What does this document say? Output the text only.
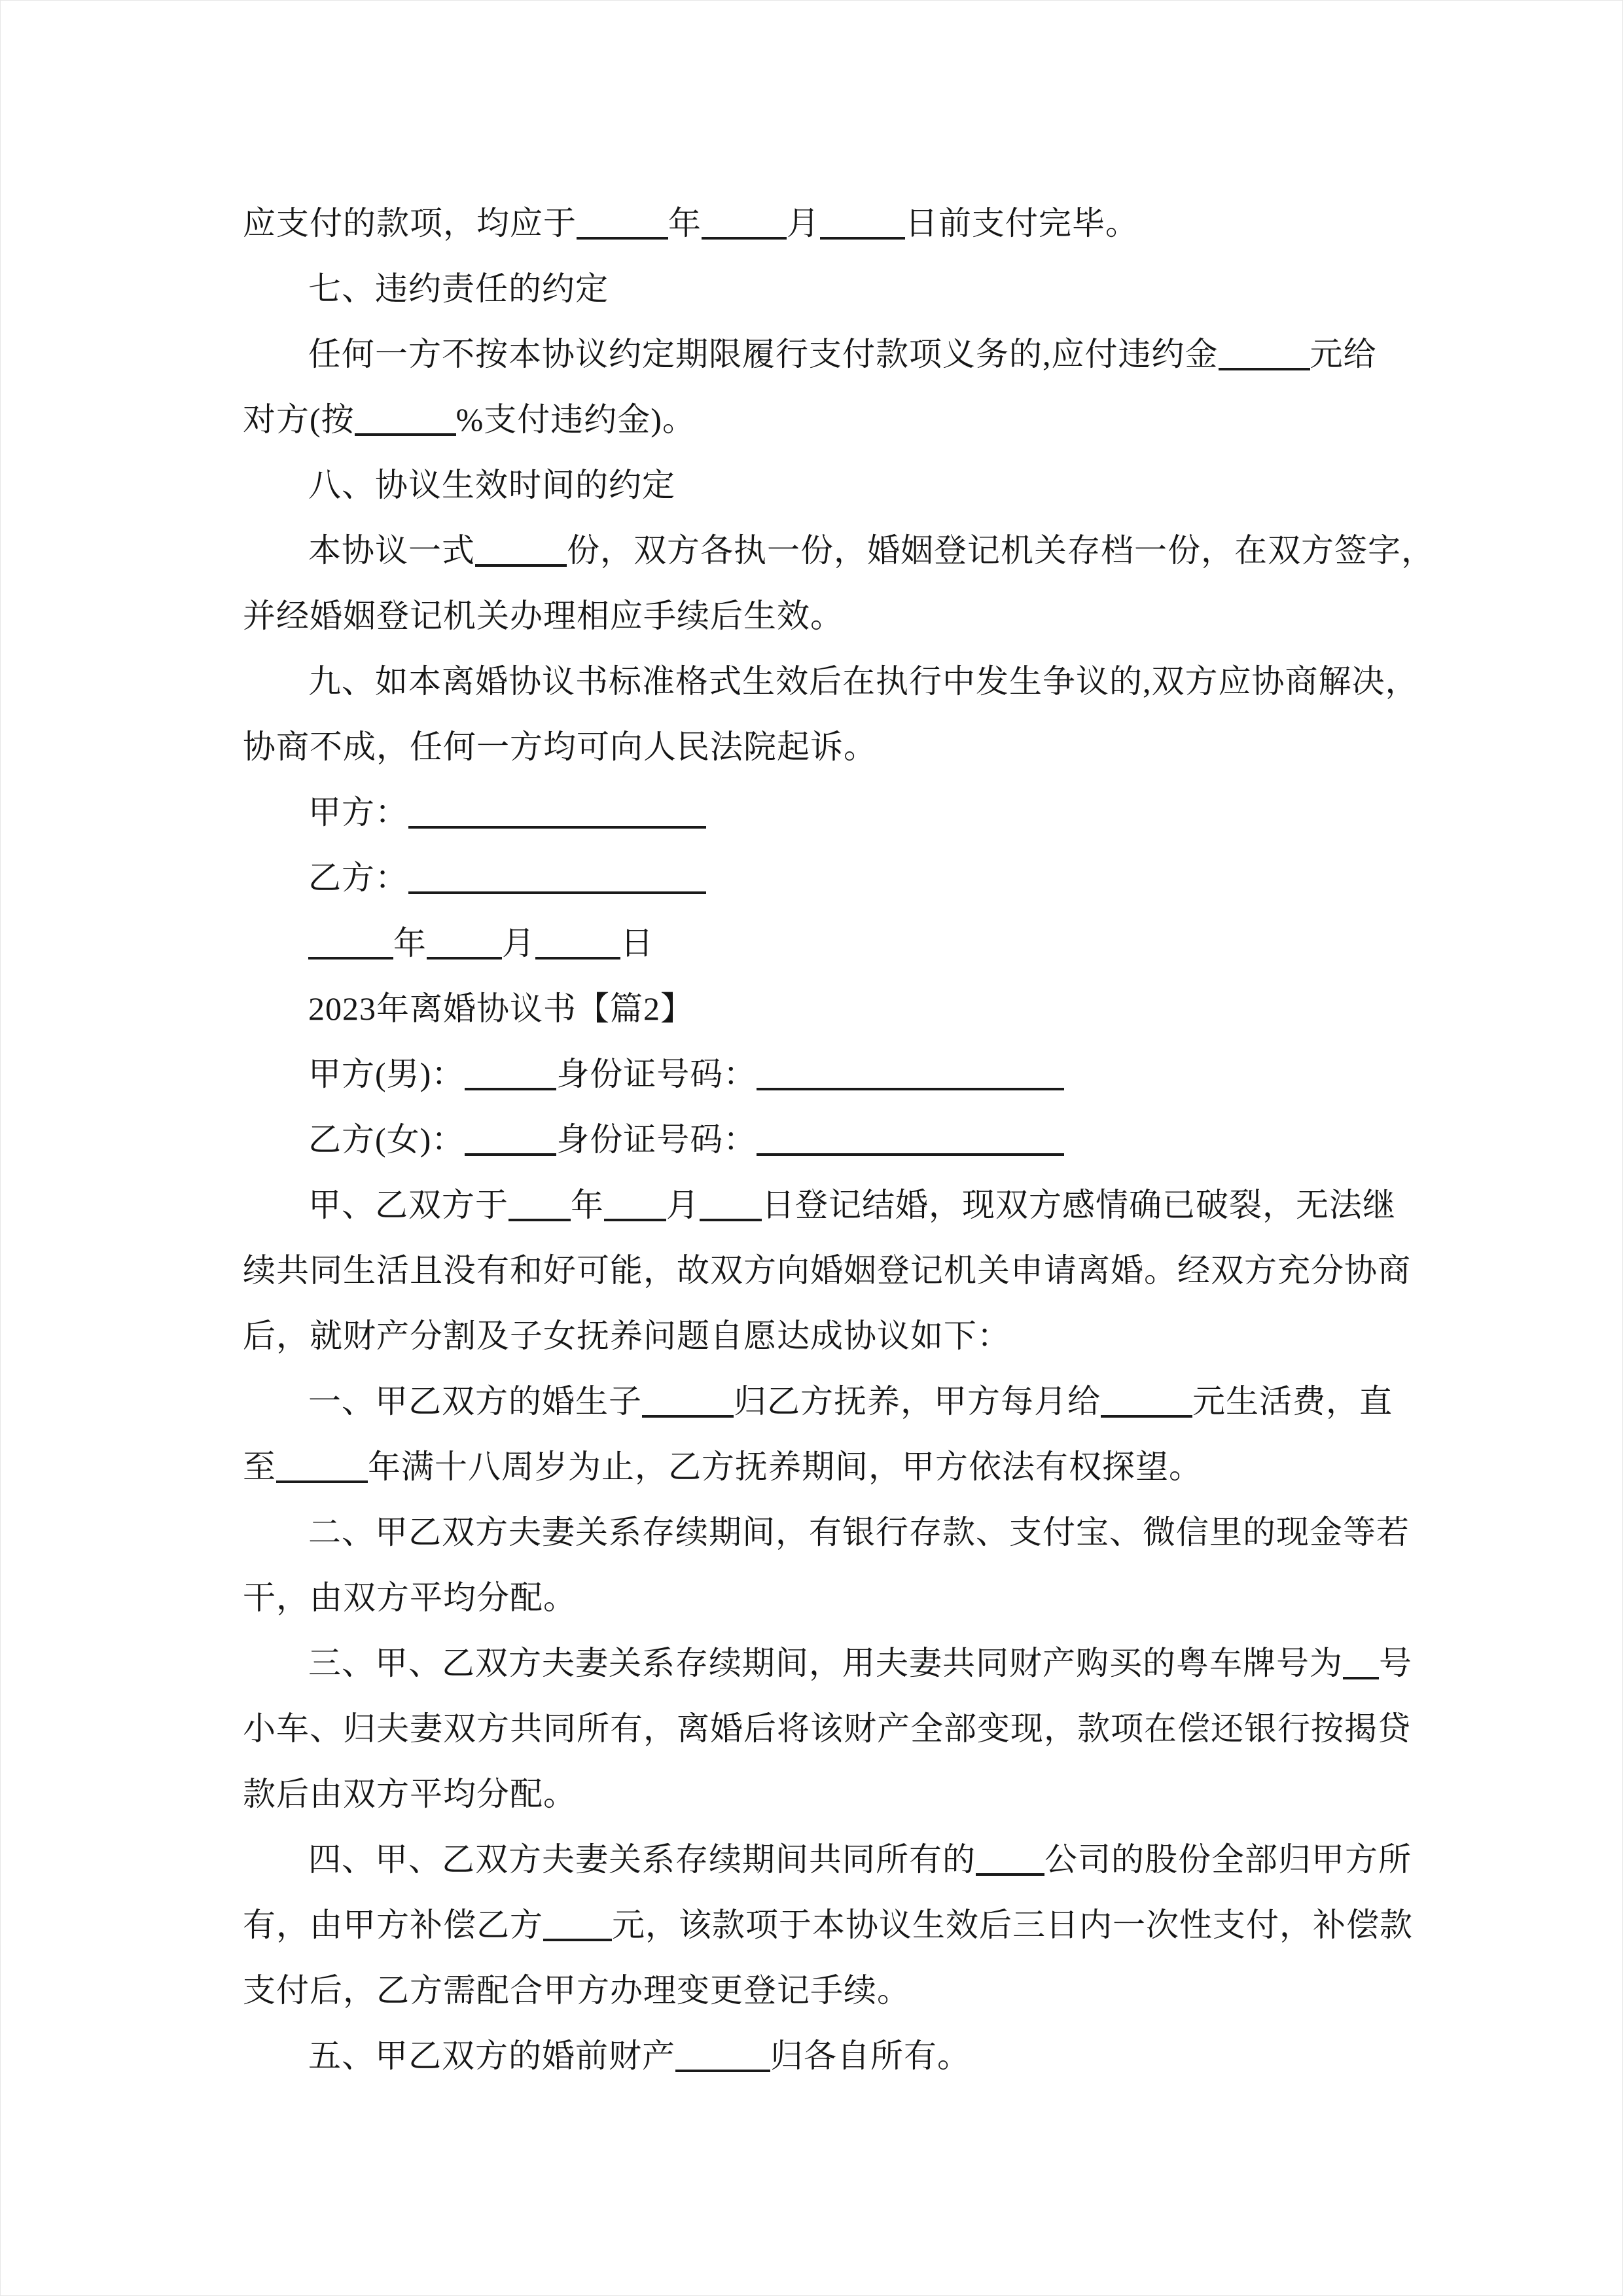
应支付的款项，均应于	年	月	日前支付完毕。
七、违约责任的约定
任何一方不按本协议约定期限履行支付款项义务的,应付违约金	元给
对方(按	%支付违约金)。
八、协议生效时间的约定
本协议一式	份，双方各执一份，婚姻登记机关存档一份，在双方签字，
并经婚姻登记机关办理相应手续后生效。
九、如本离婚协议书标准格式生效后在执行中发生争议的,双方应协商解决，
协商不成，任何一方均可向人民法院起诉。
甲方：
乙方：
年 月	日
2023年离婚协议书【篇2】
甲方(男)：	身份证号码：
乙方(女)：	身份证号码：
甲、乙双方于 年 月 日登记结婚，现双方感情确已破裂，无法继
续共同生活且没有和好可能，故双方向婚姻登记机关申请离婚。经双方充分协商
后，就财产分割及子女抚养问题自愿达成协议如下：
一、甲乙双方的婚生子	归乙方抚养，甲方每月给	元生活费，直
至	年满十八周岁为止，乙方抚养期间，甲方依法有权探望。
二、甲乙双方夫妻关系存续期间，有银行存款、支付宝、微信里的现金等若
干，由双方平均分配。
三、甲、乙双方夫妻关系存续期间，用夫妻共同财产购买的粤车牌号为 号
小车、归夫妻双方共同所有，离婚后将该财产全部变现，款项在偿还银行按揭贷
款后由双方平均分配。
四、甲、乙双方夫妻关系存续期间共同所有的 公司的股份全部归甲方所
有，由甲方补偿乙方 元，该款项于本协议生效后三日内一次性支付，补偿款
支付后，乙方需配合甲方办理变更登记手续。
五、甲乙双方的婚前财产	归各自所有。
